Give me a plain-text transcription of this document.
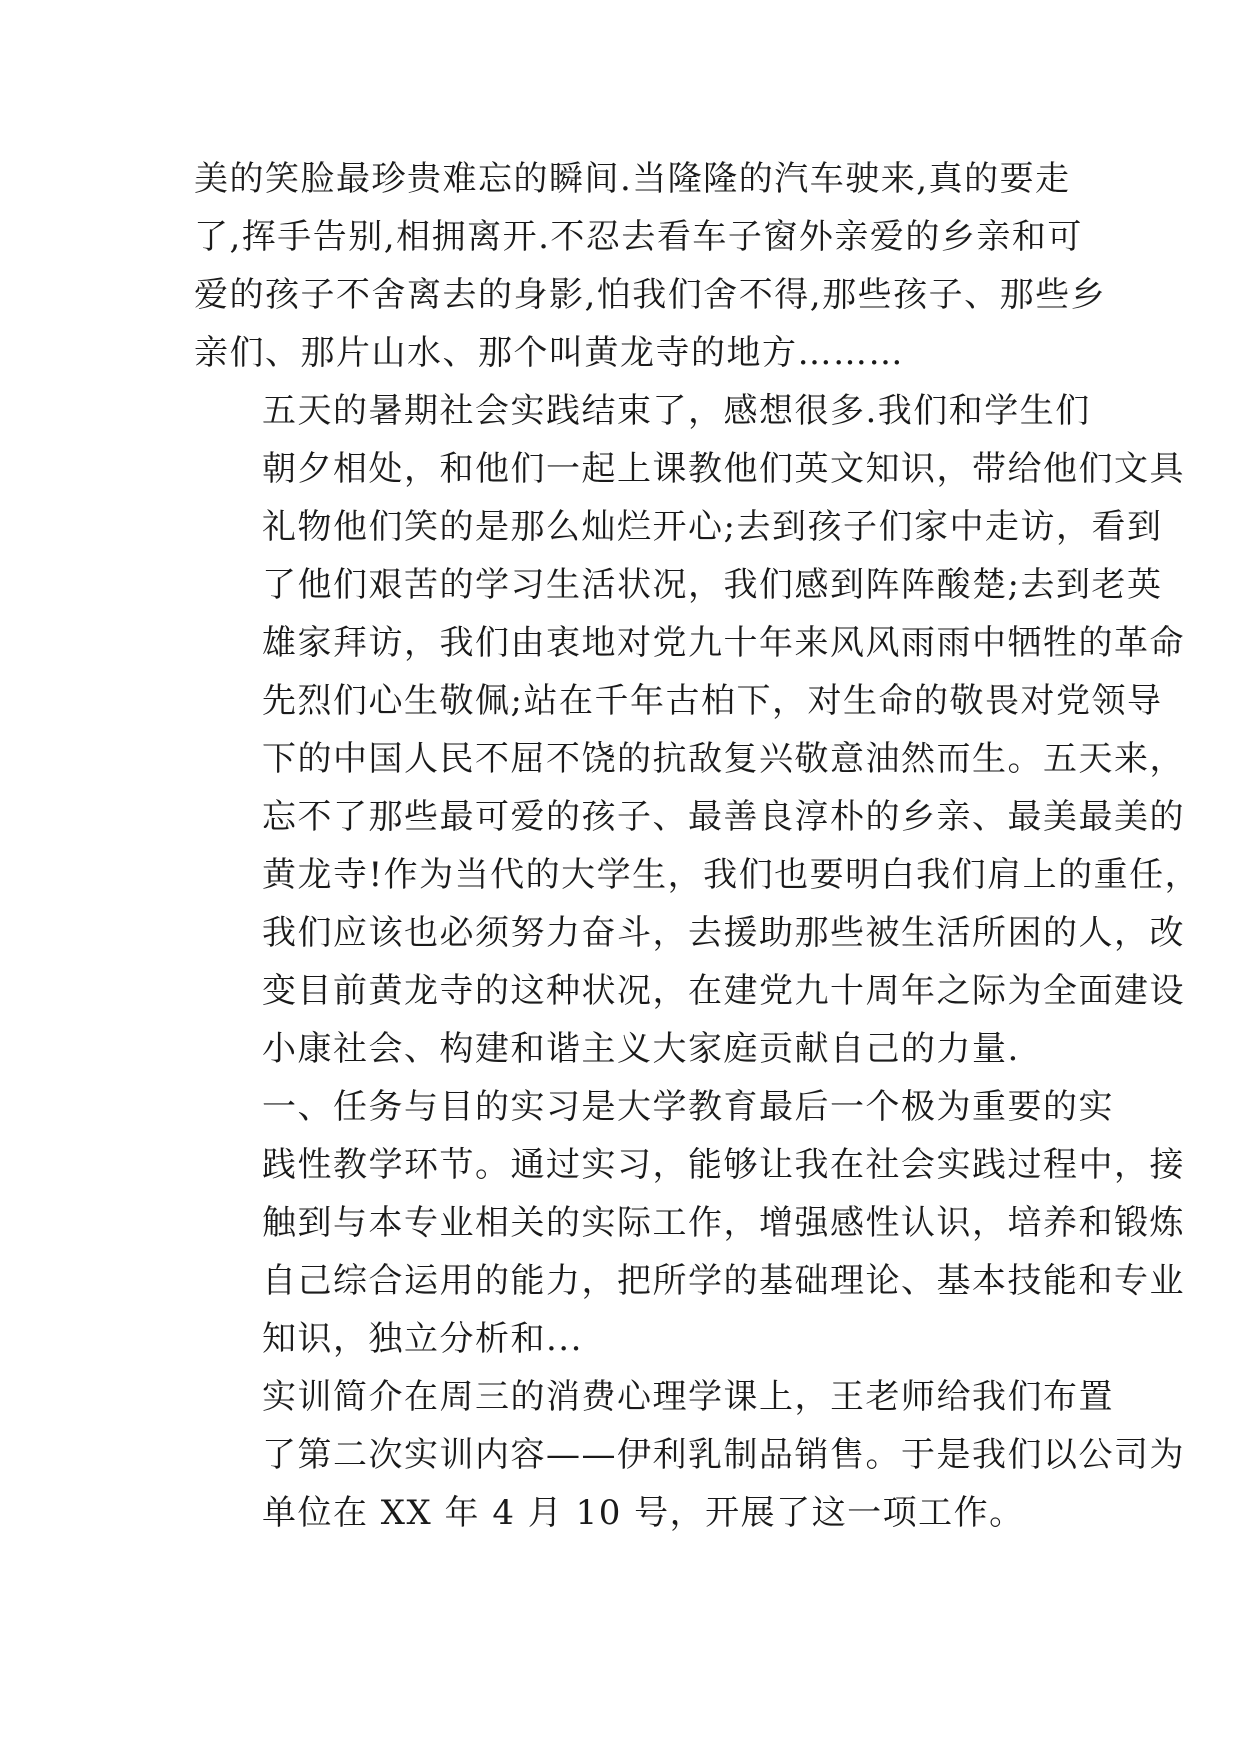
美的笑脸最珍贵难忘的瞬间.当隆隆的汽车驶来,真的要走
了,挥手告别,相拥离开.不忍去看车子窗外亲爱的乡亲和可
爱的孩子不舍离去的身影,怕我们舍不得,那些孩子、那些乡
亲们、那片山水、那个叫黄龙寺的地方………

五天的暑期社会实践结束了，感想很多.我们和学生们
朝夕相处，和他们一起上课教他们英文知识，带给他们文具
礼物他们笑的是那么灿烂开心;去到孩子们家中走访，看到
了他们艰苦的学习生活状况，我们感到阵阵酸楚;去到老英
雄家拜访，我们由衷地对党九十年来风风雨雨中牺牲的革命
先烈们心生敬佩;站在千年古柏下，对生命的敬畏对党领导
下的中国人民不屈不饶的抗敌复兴敬意油然而生。五天来，
忘不了那些最可爱的孩子、最善良淳朴的乡亲、最美最美的
黄龙寺!作为当代的大学生，我们也要明白我们肩上的重任，
我们应该也必须努力奋斗，去援助那些被生活所困的人，改
变目前黄龙寺的这种状况，在建党九十周年之际为全面建设
小康社会、构建和谐主义大家庭贡献自己的力量.

一、任务与目的实习是大学教育最后一个极为重要的实
践性教学环节。通过实习，能够让我在社会实践过程中，接
触到与本专业相关的实际工作，增强感性认识，培养和锻炼
自己综合运用的能力，把所学的基础理论、基本技能和专业
知识，独立分析和...

实训简介在周三的消费心理学课上，王老师给我们布置
了第二次实训内容——伊利乳制品销售。于是我们以公司为
单位在 XX 年 4 月 10 号，开展了这一项工作。
